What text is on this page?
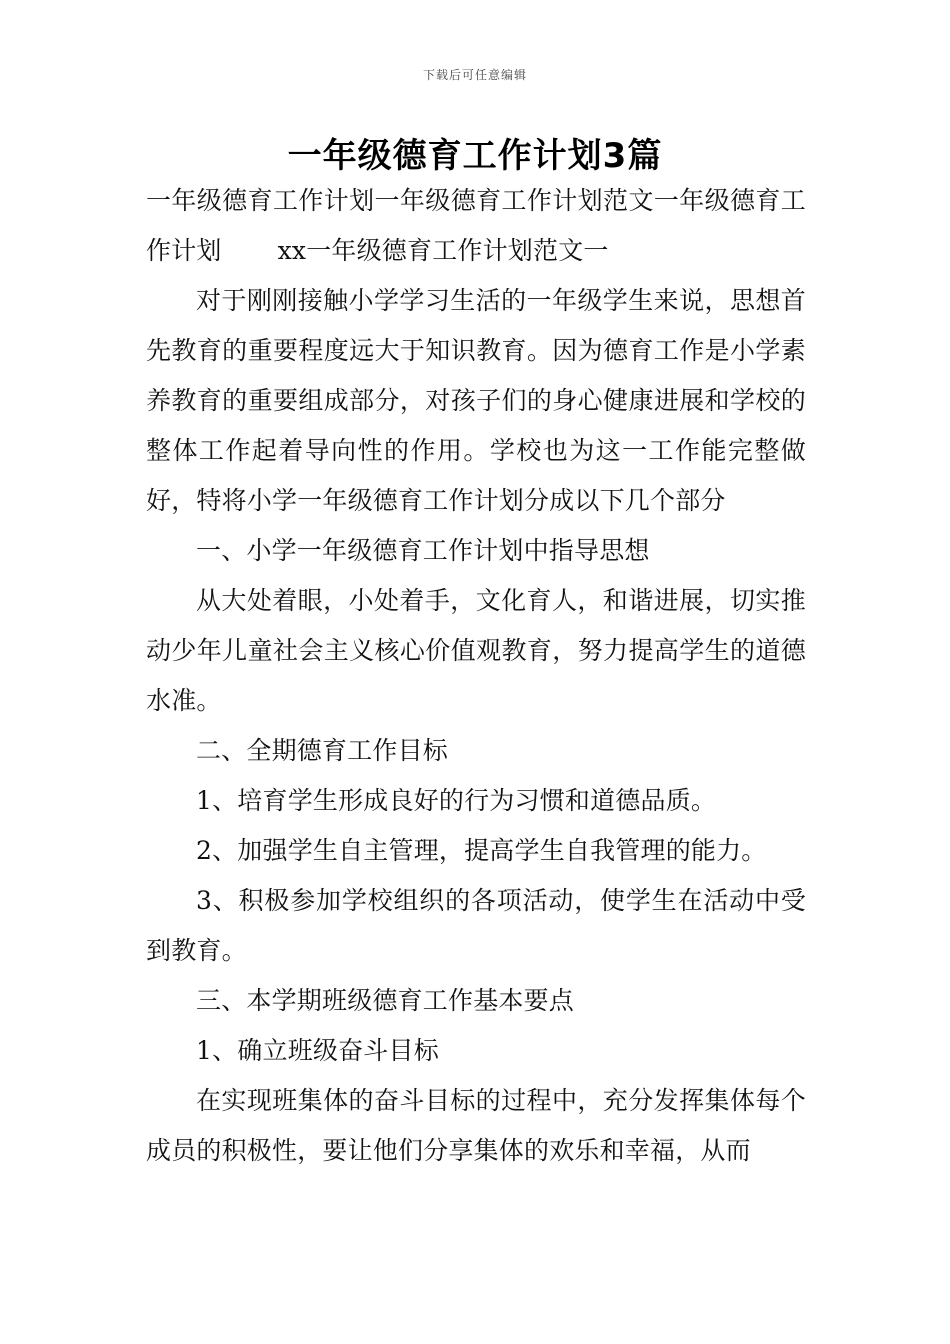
下载后可任意编辑
一年级德育工作计划3篇

一年级德育工作计划一年级德育工作计划范文一年级德育工作计划 xx一年级德育工作计划范文一

对于刚刚接触小学学习生活的一年级学生来说，思想首先教育的重要程度远大于知识教育。因为德育工作是小学素养教育的重要组成部分，对孩子们的身心健康进展和学校的整体工作起着导向性的作用。学校也为这一工作能完整做好，特将小学一年级德育工作计划分成以下几个部分

一、小学一年级德育工作计划中指导思想

从大处着眼，小处着手，文化育人，和谐进展，切实推动少年儿童社会主义核心价值观教育，努力提高学生的道德水准。

二、全期德育工作目标

1、培育学生形成良好的行为习惯和道德品质。

2、加强学生自主管理，提高学生自我管理的能力。

3、积极参加学校组织的各项活动，使学生在活动中受到教育。

三、本学期班级德育工作基本要点

1、确立班级奋斗目标

在实现班集体的奋斗目标的过程中，充分发挥集体每个成员的积极性，要让他们分享集体的欢乐和幸福，从而
